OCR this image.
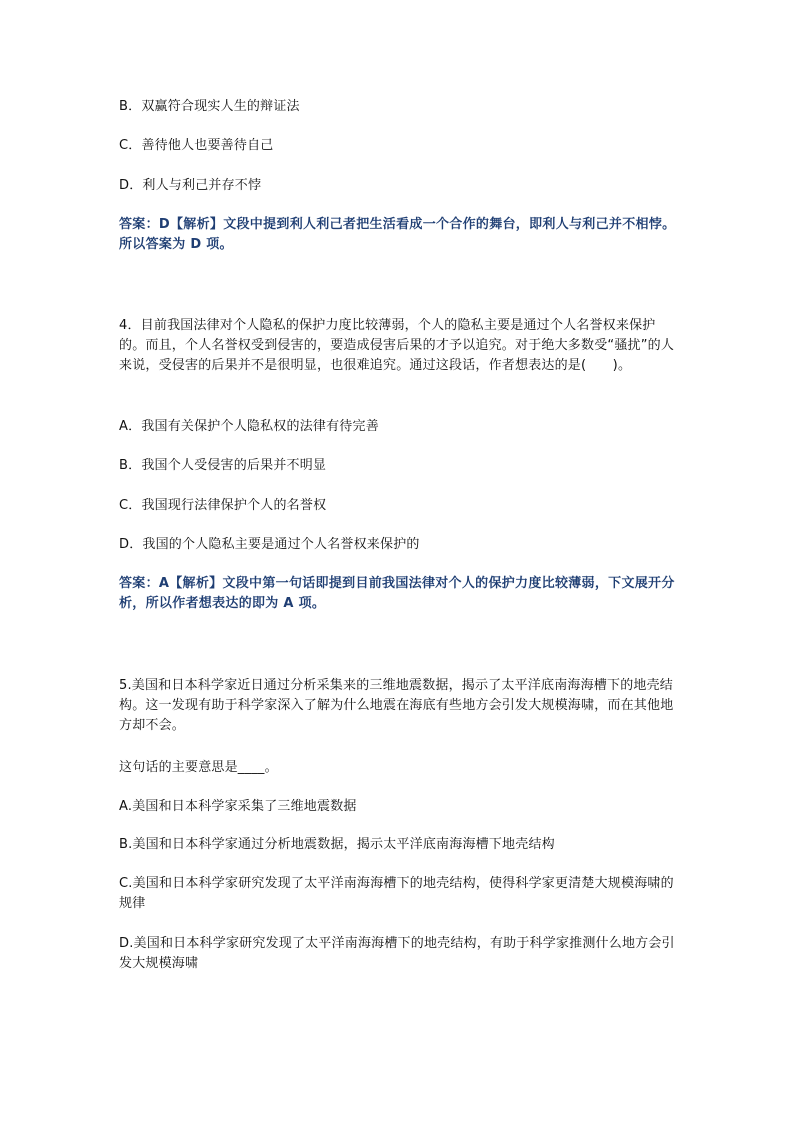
B．双赢符合现实人生的辩证法

C．善待他人也要善待自己

D．利人与利己并存不悖

答案：D【解析】文段中提到利人利己者把生活看成一个合作的舞台，即利人与利己并不相悖。所以答案为 D 项。

4．目前我国法律对个人隐私的保护力度比较薄弱，个人的隐私主要是通过个人名誉权来保护的。而且，个人名誉权受到侵害的，要造成侵害后果的才予以追究。对于绝大多数受“骚扰”的人来说，受侵害的后果并不是很明显，也很难追究。通过这段话，作者想表达的是(　　)。

A．我国有关保护个人隐私权的法律有待完善

B．我国个人受侵害的后果并不明显

C．我国现行法律保护个人的名誉权

D．我国的个人隐私主要是通过个人名誉权来保护的

答案：A【解析】文段中第一句话即提到目前我国法律对个人的保护力度比较薄弱，下文展开分析，所以作者想表达的即为 A 项。

5.美国和日本科学家近日通过分析采集来的三维地震数据，揭示了太平洋底南海海槽下的地壳结构。这一发现有助于科学家深入了解为什么地震在海底有些地方会引发大规模海啸，而在其他地方却不会。

这句话的主要意思是____。

A.美国和日本科学家采集了三维地震数据

B.美国和日本科学家通过分析地震数据，揭示太平洋底南海海槽下地壳结构

C.美国和日本科学家研究发现了太平洋南海海槽下的地壳结构，使得科学家更清楚大规模海啸的规律

D.美国和日本科学家研究发现了太平洋南海海槽下的地壳结构，有助于科学家推测什么地方会引发大规模海啸
